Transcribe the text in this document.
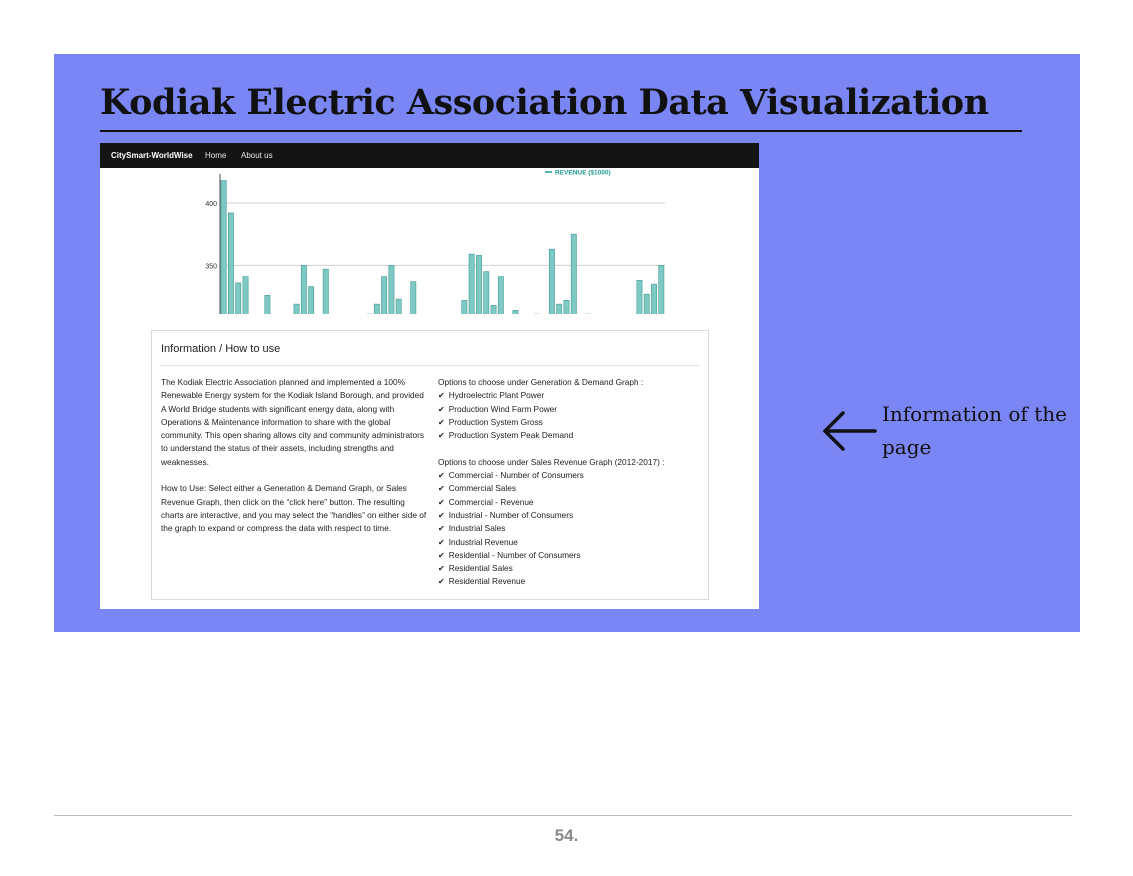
Kodiak Electric Association Data Visualization
CitySmart-WorldWise Home About us
350
400
REVENUE ($1000)
Information / How to use

The Kodiak Electric Association planned and implemented a 100% Renewable Energy system for the Kodiak Island Borough, and provided A World Bridge students with significant energy data, along with Operations & Maintenance information to share with the global community. This open sharing allows city and community administrators to understand the status of their assets, including strengths and weaknesses.

How to Use: Select either a Generation & Demand Graph, or Sales Revenue Graph, then click on the “click here” button. The resulting charts are interactive, and you may select the “handles” on either side of the graph to expand or compress the data with respect to time.

Options to choose under Generation & Demand Graph :
✔ Hydroelectric Plant Power
✔ Production Wind Farm Power
✔ Production System Gross
✔ Production System Peak Demand
Options to choose under Sales Revenue Graph (2012-2017) :
✔ Commercial - Number of Consumers
✔ Commercial Sales
✔ Commercial - Revenue
✔ Industrial - Number of Consumers
✔ Industrial Sales
✔ Industrial Revenue
✔ Residential - Number of Consumers
✔ Residential Sales
✔ Residential Revenue
Information of the page
54.
